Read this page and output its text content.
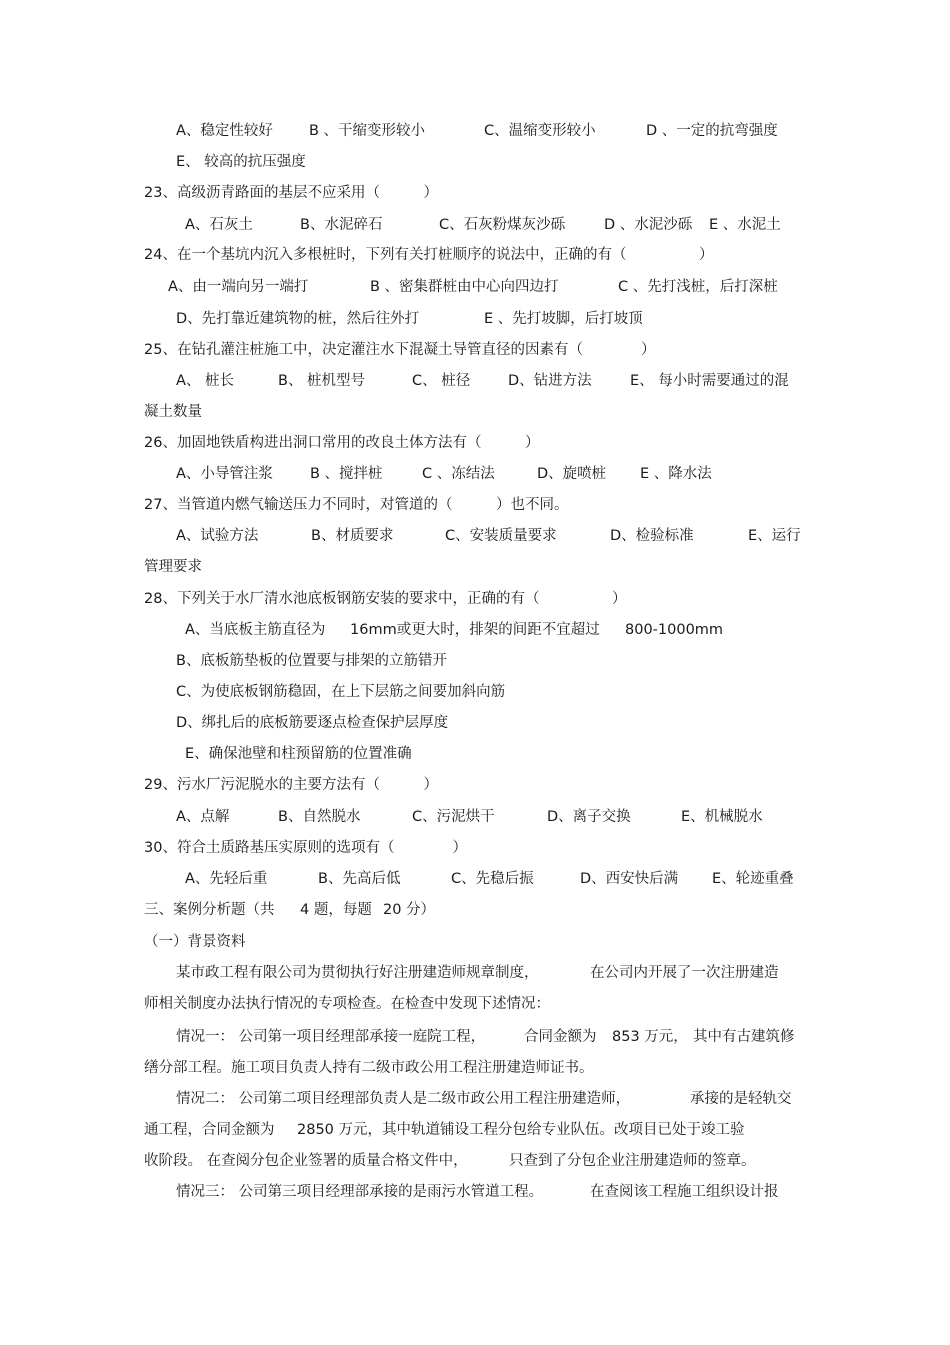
A、稳定性较好 B 、干缩变形较小	C、温缩变形较小	D 、一定的抗弯强度
E、 较高的抗压强度
23、高级沥青路面的基层不应采用（　　　）
A、石灰土	B、水泥碎石	C、石灰粉煤灰沙砾	D 、水泥沙砾 E 、水泥土
24、在一个基坑内沉入多根桩时，下列有关打桩顺序的说法中，正确的有（　　　　　）
A、由一端向另一端打	B 、密集群桩由中心向四边打	C 、先打浅桩，后打深桩
D、先打靠近建筑物的桩，然后往外打	E 、先打坡脚，后打坡顶
25、在钻孔灌注桩施工中，决定灌注水下混凝土导管直径的因素有（　　　　）
A、 桩长	B、 桩机型号	C、 桩径	D、钻进方法	E、 每小时需要通过的混
凝土数量
26、加固地铁盾构进出洞口常用的改良土体方法有（　　　）
A、小导管注浆	B 、搅拌桩	C 、冻结法	D、旋喷桩 E 、降水法
27、当管道内燃气输送压力不同时，对管道的（　　　）也不同。
A、试验方法	B、材质要求	C、安装质量要求	D、检验标准	E、运行
管理要求
28、下列关于水厂清水池底板钢筋安装的要求中，正确的有（　　　　　）
A、当底板主筋直径为 16mm或更大时，排架的间距不宜超过 800-1000mm
B、底板筋垫板的位置要与排架的立筋错开
C、为使底板钢筋稳固，在上下层筋之间要加斜向筋
D、绑扎后的底板筋要逐点检查保护层厚度
E、确保池壁和柱预留筋的位置准确
29、污水厂污泥脱水的主要方法有（　　　）
A、点解	B、自然脱水	C、污泥烘干	D、离子交换	E、机械脱水
30、符合土质路基压实原则的选项有（　　　　）
A、先轻后重	B、先高后低	C、先稳后振	D、西安快后满 E、轮迹重叠
三、案例分析题（共 4 题，每题 20 分）
（一）背景资料
某市政工程有限公司为贯彻执行好注册建造师规章制度，	在公司内开展了一次注册建造
师相关制度办法执行情况的专项检查。在检查中发现下述情况：
情况一： 公司第一项目经理部承接一庭院工程，	合同金额为 853 万元， 其中有古建筑修
缮分部工程。施工项目负责人持有二级市政公用工程注册建造师证书。
情况二： 公司第二项目经理部负责人是二级市政公用工程注册建造师，	承接的是轻轨交
通工程，合同金额为 2850 万元，其中轨道铺设工程分包给专业队伍。改项目已处于竣工验
收阶段。 在查阅分包企业签署的质量合格文件中，	只查到了分包企业注册建造师的签章。
情况三： 公司第三项目经理部承接的是雨污水管道工程。	在查阅该工程施工组织设计报
